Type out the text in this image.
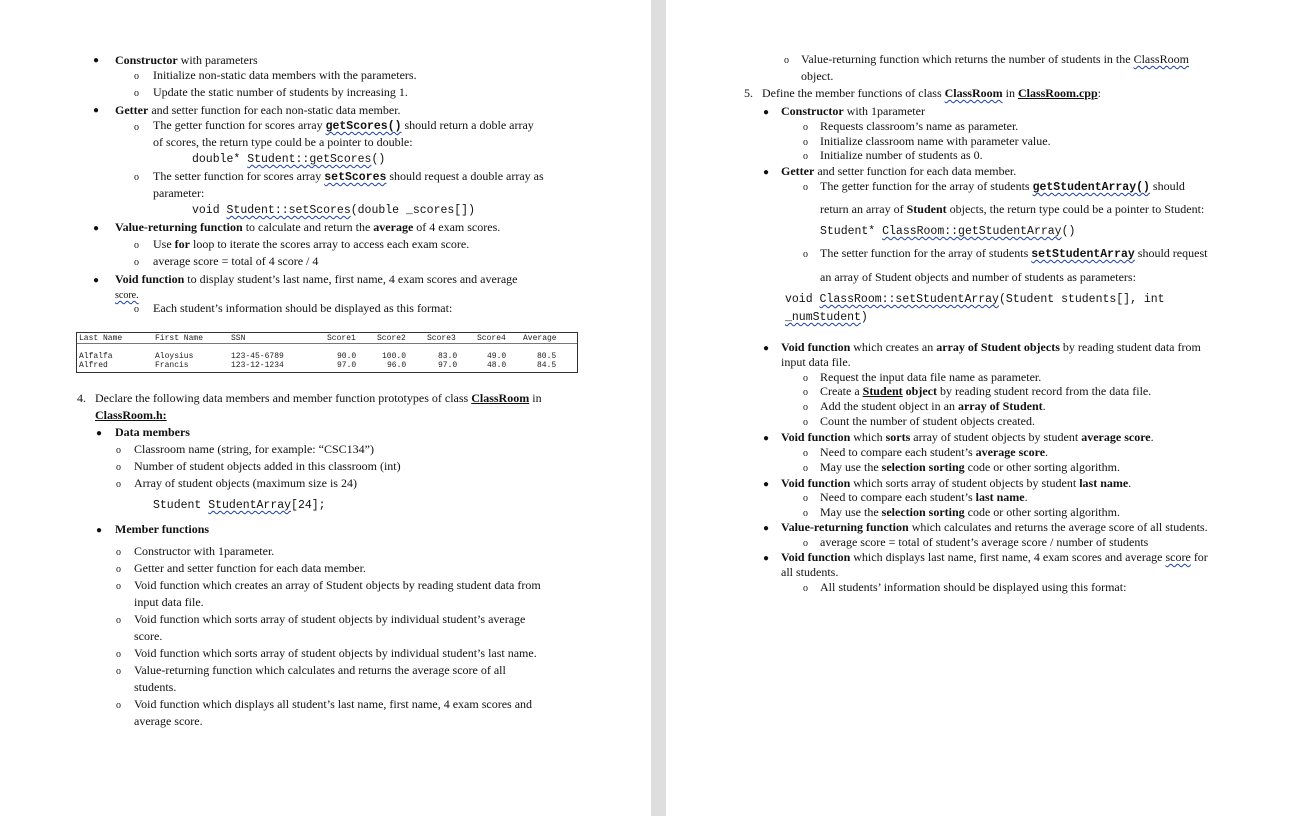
● Constructor with parameters
o Initialize non-static data members with the parameters.
o Update the static number of students by increasing 1.
● Getter and setter function for each non-static data member.
o The getter function for scores array getScores() should return a doble array
of scores, the return type could be a pointer to double:
double* Student::getScores()
o The setter function for scores array setScores should request a double array as
parameter:
void Student::setScores(double _scores[])
● Value-returning function to calculate and return the average of 4 exam scores.
o Use for loop to iterate the scores array to access each exam score.
o average score = total of 4 score / 4
● Void function to display student’s last name, first name, 4 exam scores and average
score.
o Each student’s information should be displayed as this format:
Last Name	First Name	SSN	Score1	Score2	Score3	Score4 Average
Alfalfa	Aloysius	123-45-6789	90.0	100.0	83.0	49.0	80.5
Alfred	Francis	123-12-1234	97.0	96.0	97.0	48.0	84.5
4. Declare the following data members and member function prototypes of class ClassRoom in
ClassRoom.h:
● Data members
o Classroom name (string, for example: “CSC134”)
o Number of student objects added in this classroom (int)
o Array of student objects (maximum size is 24)
Student StudentArray[24];
● Member functions
o Constructor with 1parameter.
o Getter and setter function for each data member.
o Void function which creates an array of Student objects by reading student data from
input data file.
o Void function which sorts array of student objects by individual student’s average
score.
o Void function which sorts array of student objects by individual student’s last name.
o Value-returning function which calculates and returns the average score of all
students.
o Void function which displays all student’s last name, first name, 4 exam scores and
average score.
o Value-returning function which returns the number of students in the ClassRoom
object.
5. Define the member functions of class ClassRoom in ClassRoom.cpp:
● Constructor with 1parameter
o Requests classroom’s name as parameter.
o Initialize classroom name with parameter value.
o Initialize number of students as 0.
● Getter and setter function for each data member.
o The getter function for the array of students getStudentArray() should
return an array of Student objects, the return type could be a pointer to Student:
Student* ClassRoom::getStudentArray()
o The setter function for the array of students setStudentArray should request
an array of Student objects and number of students as parameters:
void ClassRoom::setStudentArray(Student students[], int
_numStudent)
● Void function which creates an array of Student objects by reading student data from
input data file.
o Request the input data file name as parameter.
o Create a Student object by reading student record from the data file.
o Add the student object in an array of Student.
o Count the number of student objects created.
● Void function which sorts array of student objects by student average score.
o Need to compare each student’s average score.
o May use the selection sorting code or other sorting algorithm.
● Void function which sorts array of student objects by student last name.
o Need to compare each student’s last name.
o May use the selection sorting code or other sorting algorithm.
● Value-returning function which calculates and returns the average score of all students.
o average score = total of student’s average score / number of students
● Void function which displays last name, first name, 4 exam scores and average score for
all students.
o All students’ information should be displayed using this format:
